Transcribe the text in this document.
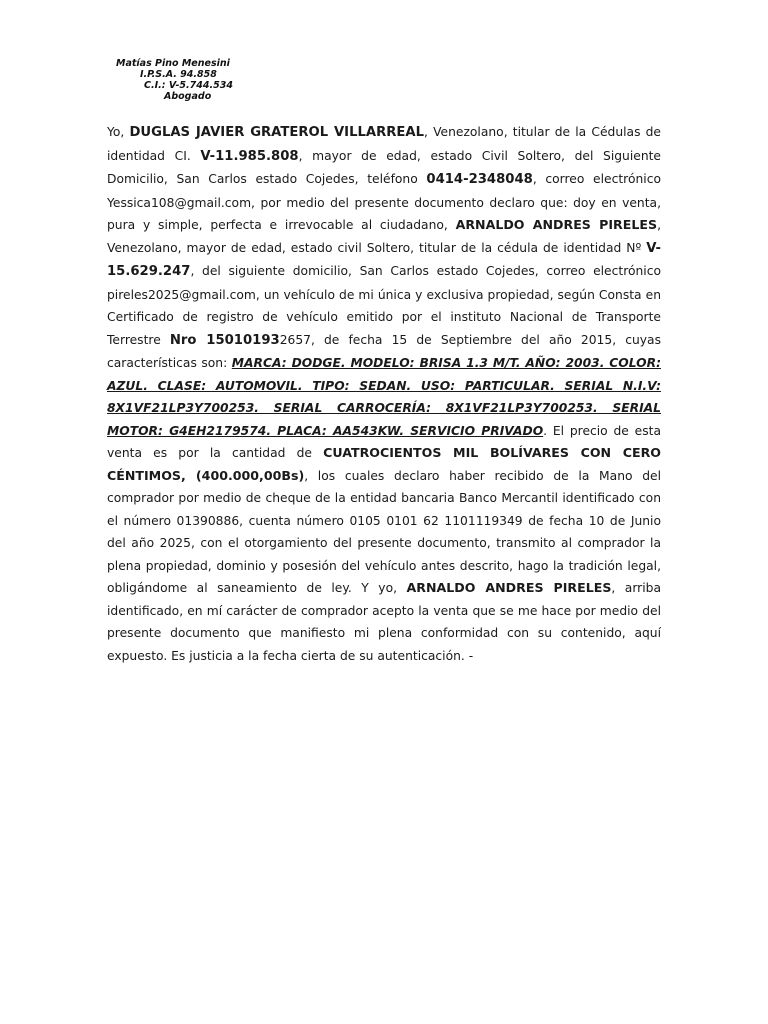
Matías Pino Menesini
I.P.S.A. 94.858
C.I.: V-5.744.534
Abogado
Yo, DUGLAS JAVIER GRATEROL VILLARREAL, Venezolano, titular de la Cédulas de identidad CI. V-11.985.808, mayor de edad, estado Civil Soltero, del Siguiente Domicilio, San Carlos estado Cojedes, teléfono 0414-2348048, correo electrónico Yessica108@gmail.com, por medio del presente documento declaro que: doy en venta, pura y simple, perfecta e irrevocable al ciudadano, ARNALDO ANDRES PIRELES, Venezolano, mayor de edad, estado civil Soltero, titular de la cédula de identidad Nº V-15.629.247, del siguiente domicilio, San Carlos estado Cojedes, correo electrónico pireles2025@gmail.com, un vehículo de mi única y exclusiva propiedad, según Consta en Certificado de registro de vehículo emitido por el instituto Nacional de Transporte Terrestre Nro 150101932657, de fecha 15 de Septiembre del año 2015, cuyas características son: MARCA: DODGE. MODELO: BRISA 1.3 M/T. AÑO: 2003. COLOR: AZUL. CLASE: AUTOMOVIL. TIPO: SEDAN. USO: PARTICULAR. SERIAL N.I.V: 8X1VF21LP3Y700253. SERIAL CARROCERÍA: 8X1VF21LP3Y700253. SERIAL MOTOR: G4EH2179574. PLACA: AA543KW. SERVICIO PRIVADO. El precio de esta venta es por la cantidad de CUATROCIENTOS MIL BOLÍVARES CON CERO CÉNTIMOS, (400.000,00Bs), los cuales declaro haber recibido de la Mano del comprador por medio de cheque de la entidad bancaria Banco Mercantil identificado con el número 01390886, cuenta número 0105 0101 62 1101119349 de fecha 10 de Junio del año 2025, con el otorgamiento del presente documento, transmito al comprador la plena propiedad, dominio y posesión del vehículo antes descrito, hago la tradición legal, obligándome al saneamiento de ley. Y yo, ARNALDO ANDRES PIRELES, arriba identificado, en mí carácter de comprador acepto la venta que se me hace por medio del presente documento que manifiesto mi plena conformidad con su contenido, aquí expuesto. Es justicia a la fecha cierta de su autenticación. -
